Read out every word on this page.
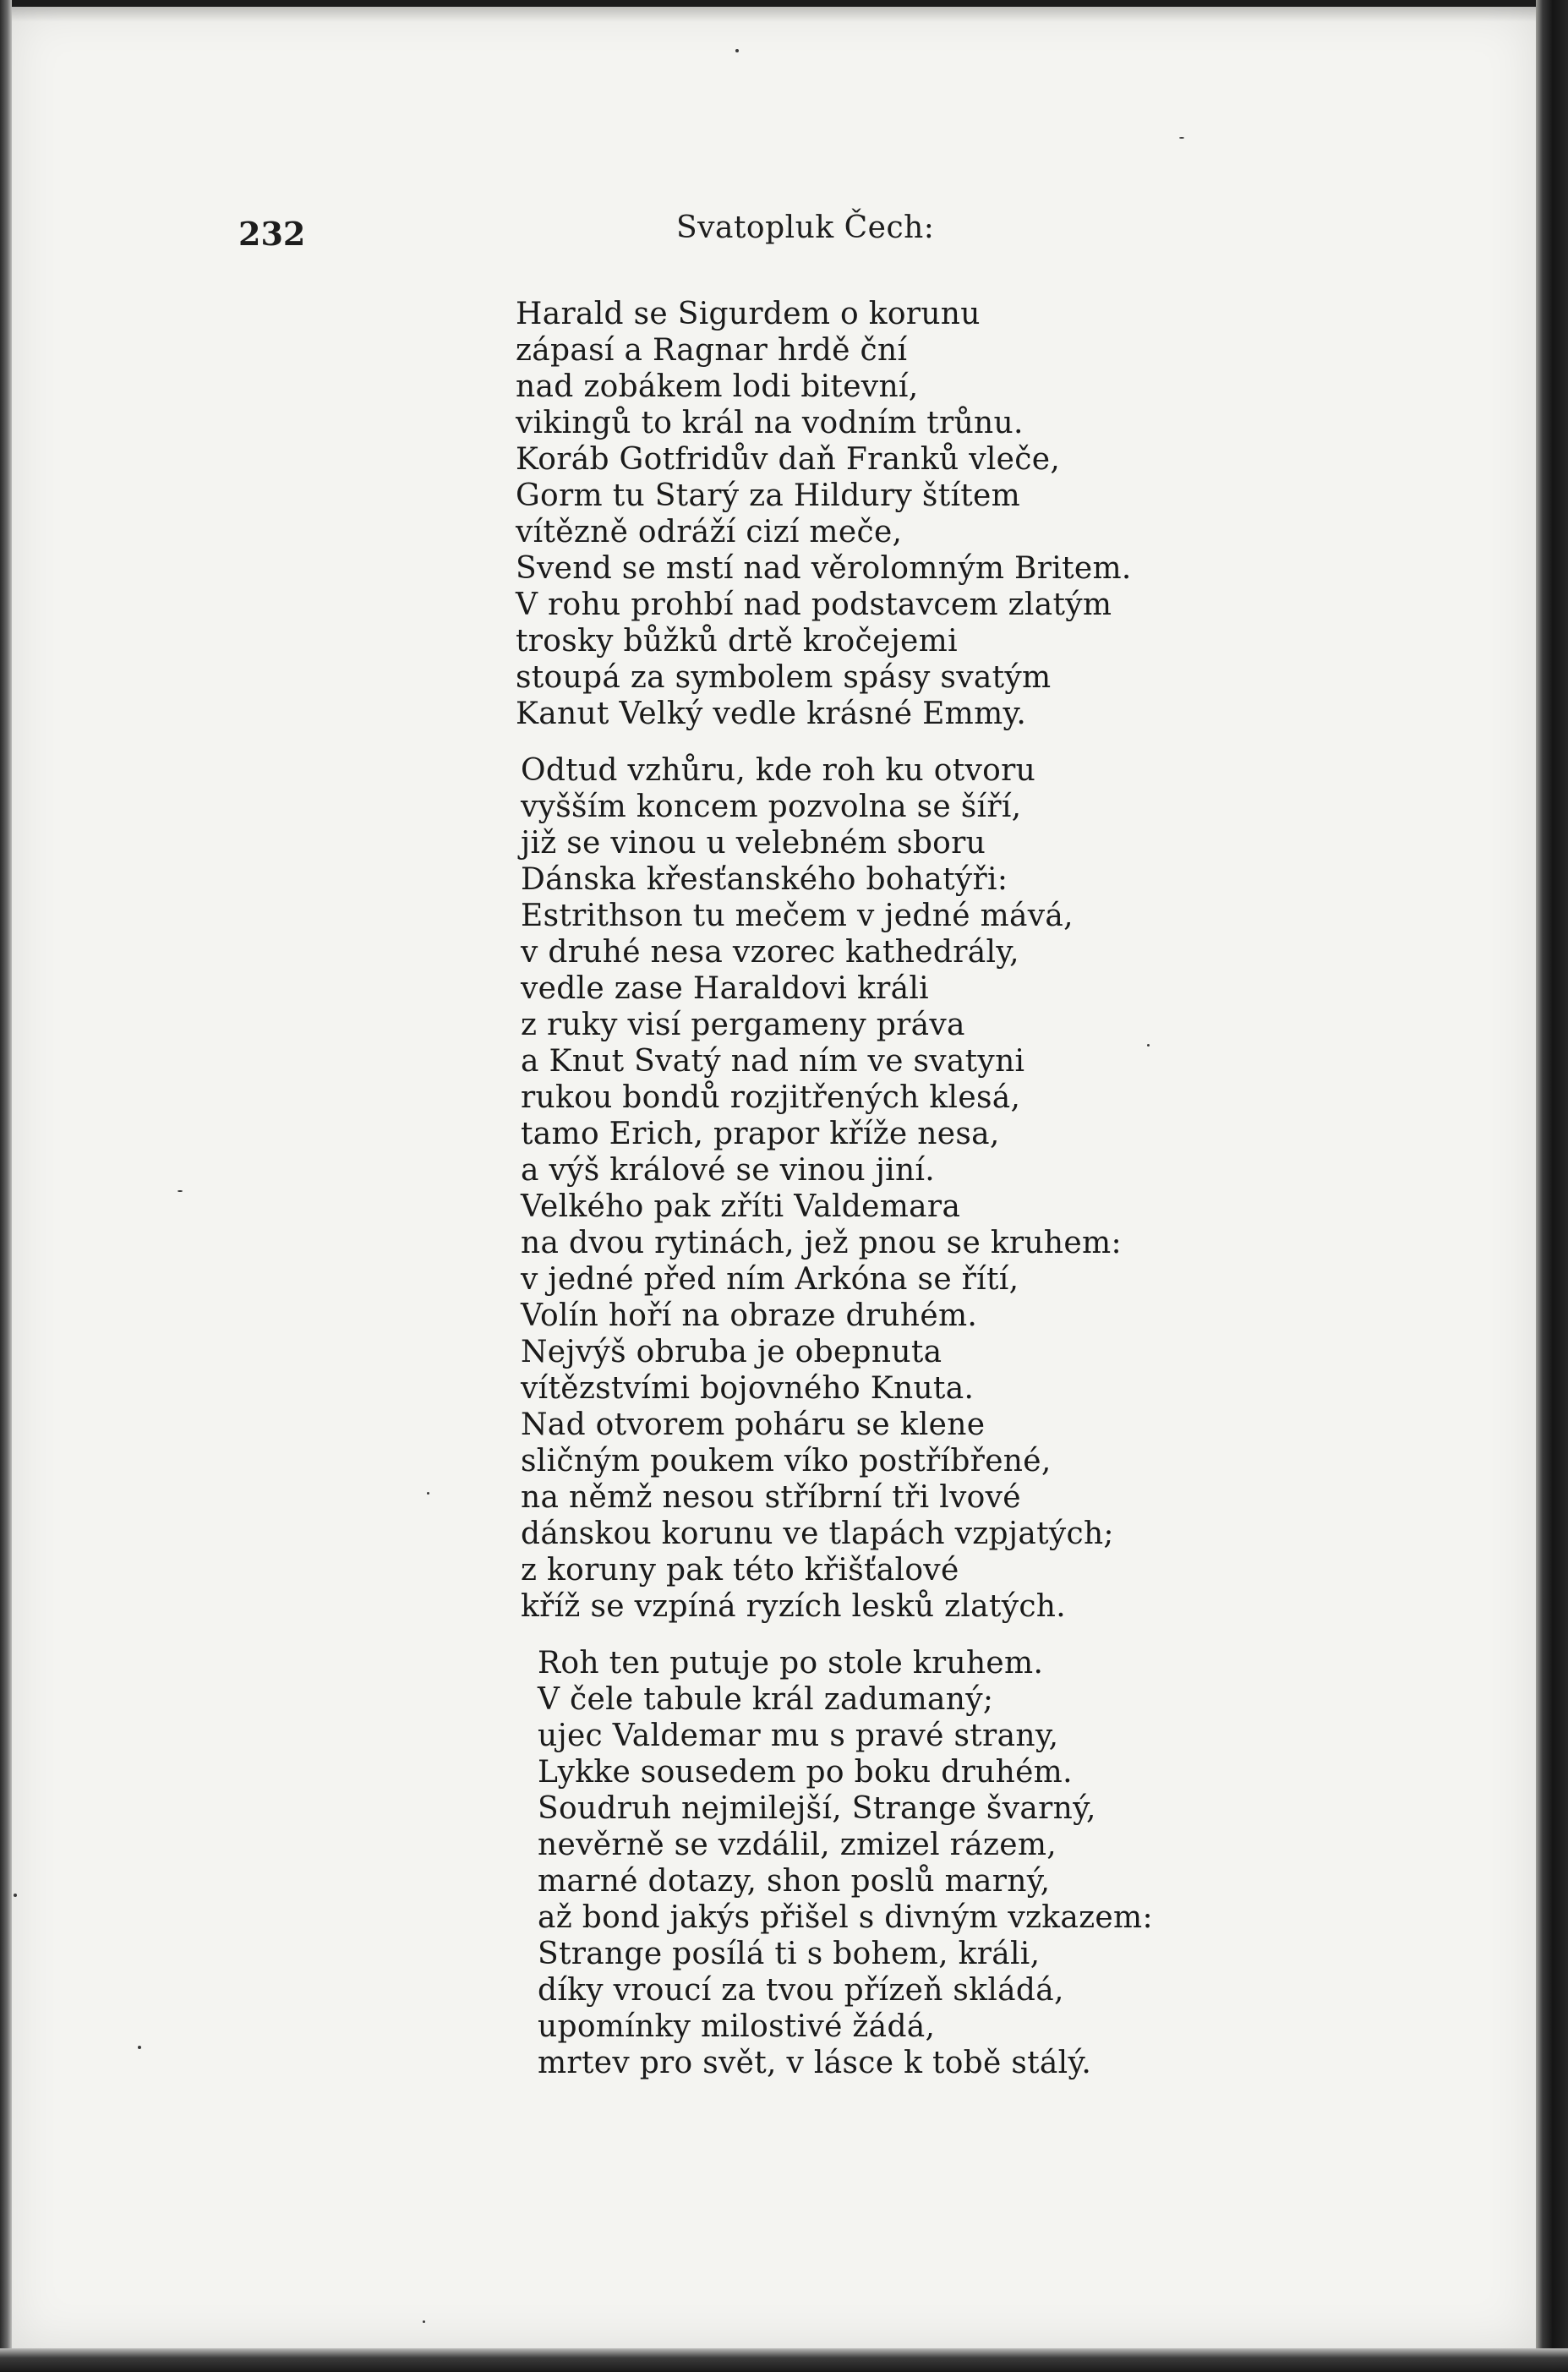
232	Svatopluk Čech:
Harald se Sigurdem o korunu
zápasí a Ragnar hrdě ční
nad zobákem lodi bitevní,
vikingů to král na vodním trůnu.
Koráb Gotfridův daň Franků vleče,
Gorm tu Starý za Hildury štítem
vítězně odráží cizí meče,
Svend se mstí nad věrolomným Britem.
V rohu prohbí nad podstavcem zlatým
trosky bůžků drtě kročejemi
stoupá za symbolem spásy svatým
Kanut Velký vedle krásné Emmy.
Odtud vzhůru, kde roh ku otvoru
vyšším koncem pozvolna se šíří,
již se vinou u velebném sboru
Dánska křesťanského bohatýři:
Estrithson tu mečem v jedné mává,
v druhé nesa vzorec kathedrály,
vedle zase Haraldovi králi
z ruky visí pergameny práva
a Knut Svatý nad ním ve svatyni
rukou bondů rozjitřených klesá,
tamo Erich, prapor kříže nesa,
a výš králové se vinou jiní.
Velkého pak zříti Valdemara
na dvou rytinách, jež pnou se kruhem:
v jedné před ním Arkóna se řítí,
Volín hoří na obraze druhém.
Nejvýš obruba je obepnuta
vítězstvími bojovného Knuta.
Nad otvorem poháru se klene
sličným poukem víko postříbřené,
na němž nesou stříbrní tři lvové
dánskou korunu ve tlapách vzpjatých;
z koruny pak této křišťalové
kříž se vzpíná ryzích lesků zlatých.
Roh ten putuje po stole kruhem.
V čele tabule král zadumaný;
ujec Valdemar mu s pravé strany,
Lykke sousedem po boku druhém.
Soudruh nejmilejší, Strange švarný,
nevěrně se vzdálil, zmizel rázem,
marné dotazy, shon poslů marný,
až bond jakýs přišel s divným vzkazem:
Strange posílá ti s bohem, králi,
díky vroucí za tvou přízeň skládá,
upomínky milostivé žádá,
mrtev pro svět, v lásce k tobě stálý.
